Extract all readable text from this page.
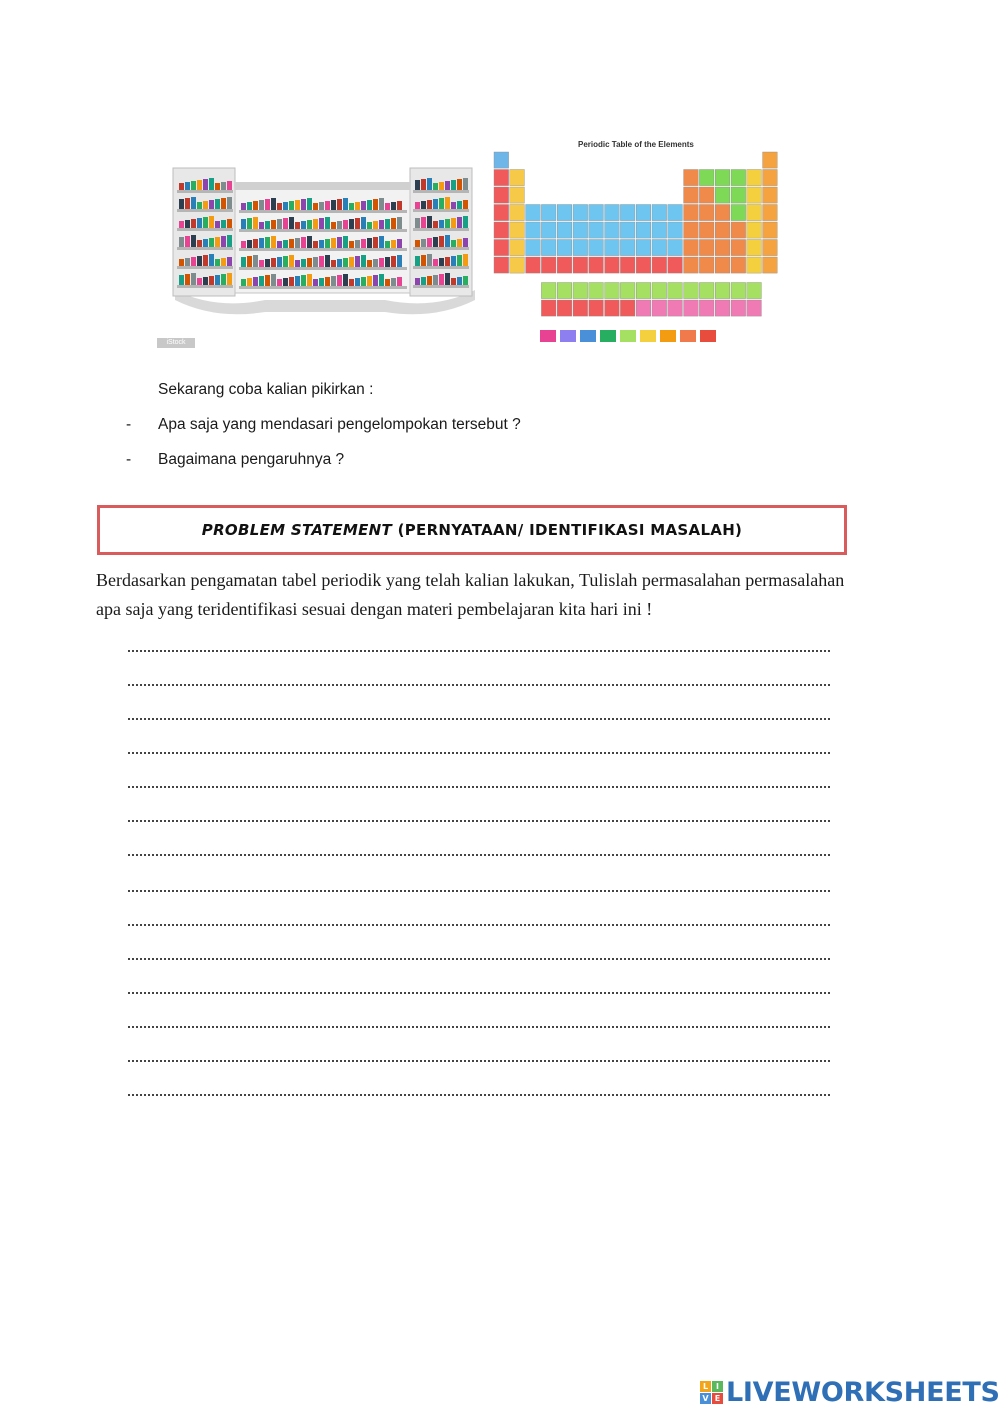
iStock
Periodic Table of the Elements
Sekarang coba kalian pikirkan :
- Apa saja yang mendasari pengelompokan tersebut ?
- Bagaimana pengaruhnya ?
PROBLEM STATEMENT (PERNYATAAN/ IDENTIFIKASI MASALAH)
Berdasarkan pengamatan tabel periodik yang telah kalian lakukan, Tulislah permasalahan permasalahan apa saja yang teridentifikasi sesuai dengan materi pembelajaran kita hari ini !
L I
V E LIVEWORKSHEETS
